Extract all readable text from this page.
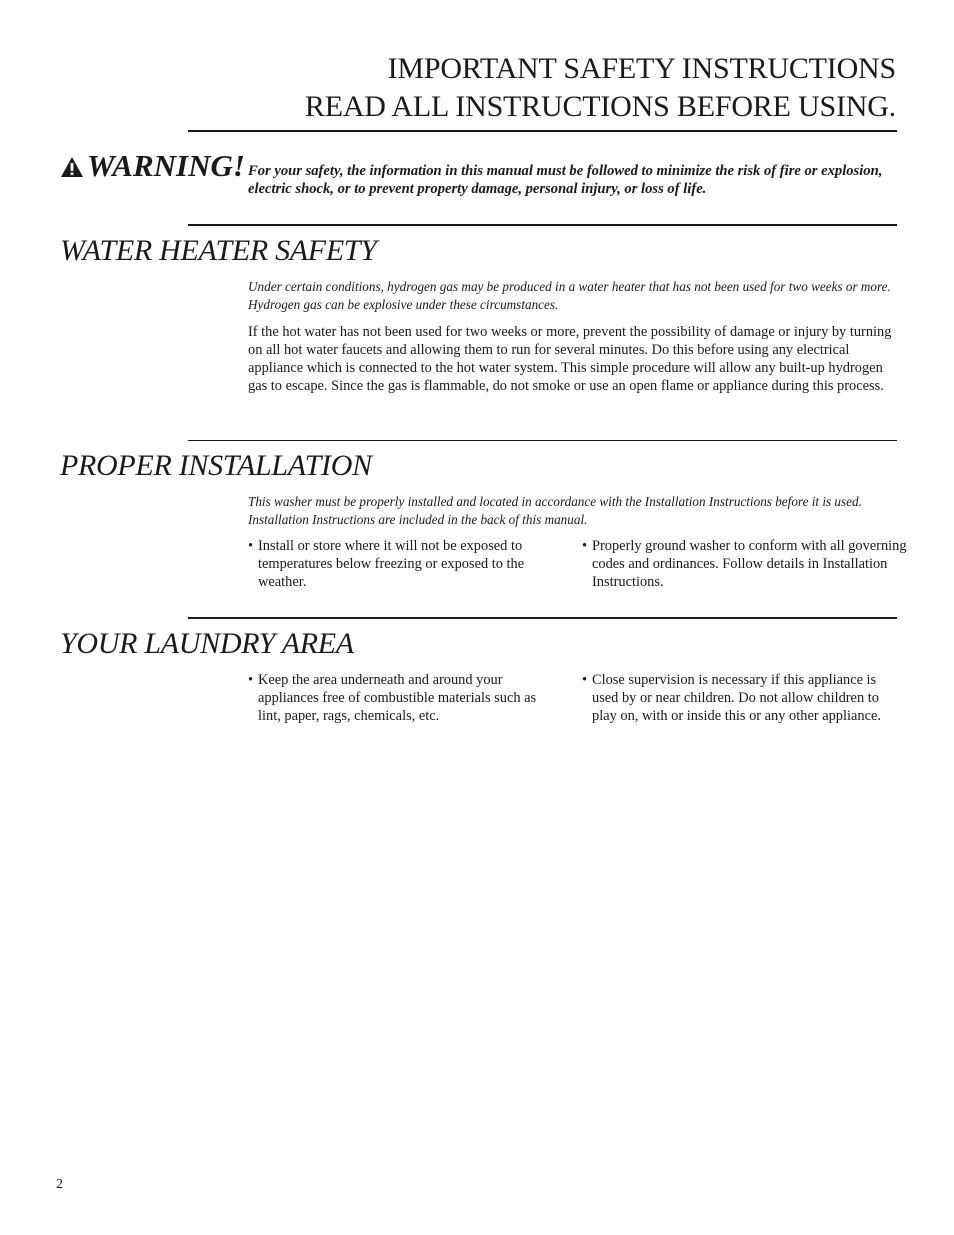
IMPORTANT SAFETY INSTRUCTIONS
READ ALL INSTRUCTIONS BEFORE USING.
WARNING! For your safety, the information in this manual must be followed to minimize the risk of fire or explosion, electric shock, or to prevent property damage, personal injury, or loss of life.
WATER HEATER SAFETY
Under certain conditions, hydrogen gas may be produced in a water heater that has not been used for two weeks or more. Hydrogen gas can be explosive under these circumstances.
If the hot water has not been used for two weeks or more, prevent the possibility of damage or injury by turning on all hot water faucets and allowing them to run for several minutes. Do this before using any electrical appliance which is connected to the hot water system. This simple procedure will allow any built-up hydrogen gas to escape. Since the gas is flammable, do not smoke or use an open flame or appliance during this process.
PROPER INSTALLATION
This washer must be properly installed and located in accordance with the Installation Instructions before it is used. Installation Instructions are included in the back of this manual.
• Install or store where it will not be exposed to temperatures below freezing or exposed to the weather.
• Properly ground washer to conform with all governing codes and ordinances. Follow details in Installation Instructions.
YOUR LAUNDRY AREA
• Keep the area underneath and around your appliances free of combustible materials such as lint, paper, rags, chemicals, etc.
• Close supervision is necessary if this appliance is used by or near children. Do not allow children to play on, with or inside this or any other appliance.
2
